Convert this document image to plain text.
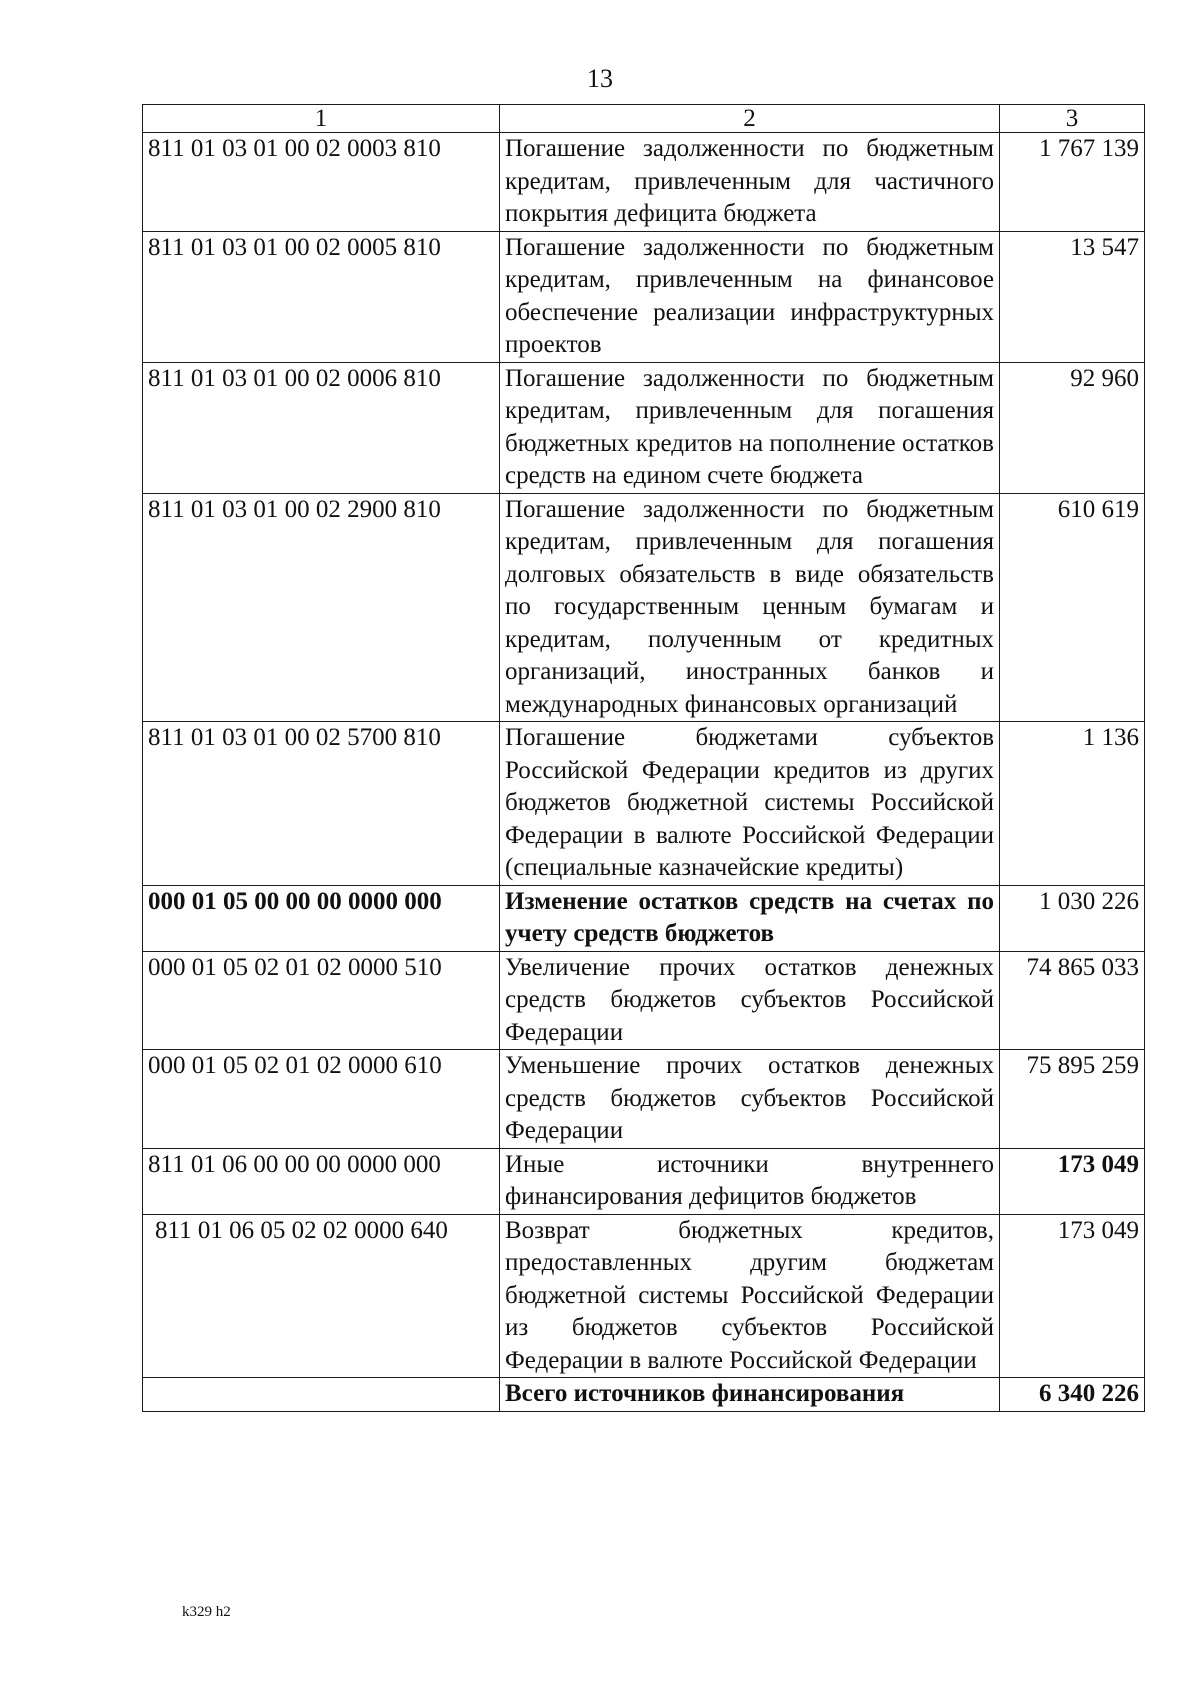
13
1	2	3
811 01 03 01 00 02 0003 810	Погашение задолженности по бюджетным кредитам, привлеченным для частичного покрытия дефицита бюджета	1 767 139
811 01 03 01 00 02 0005 810	Погашение задолженности по бюджетным кредитам, привлеченным на финансовое обеспечение реализации инфраструктурных проектов	13 547
811 01 03 01 00 02 0006 810	Погашение задолженности по бюджетным кредитам, привлеченным для погашения бюджетных кредитов на пополнение остатков средств на едином счете бюджета	92 960
811 01 03 01 00 02 2900 810	Погашение задолженности по бюджетным кредитам, привлеченным для погашения долговых обязательств в виде обязательств по государственным ценным бумагам и кредитам, полученным от кредитных организаций, иностранных банков и международных финансовых организаций	610 619
811 01 03 01 00 02 5700 810	Погашение бюджетами субъектов Российской Федерации кредитов из других бюджетов бюджетной системы Российской Федерации в валюте Российской Федерации (специальные казначейские кредиты)	1 136
000 01 05 00 00 00 0000 000	Изменение остатков средств на счетах по учету средств бюджетов	1 030 226
000 01 05 02 01 02 0000 510	Увеличение прочих остатков денежных средств бюджетов субъектов Российской Федерации	74 865 033
000 01 05 02 01 02 0000 610	Уменьшение прочих остатков денежных средств бюджетов субъектов Российской Федерации	75 895 259
811 01 06 00 00 00 0000 000	Иные источники внутреннего финансирования дефицитов бюджетов	173 049
811 01 06 05 02 02 0000 640	Возврат бюджетных кредитов, предоставленных другим бюджетам бюджетной системы Российской Федерации из бюджетов субъектов Российской Федерации в валюте Российской Федерации	173 049
	Всего источников финансирования	6 340 226
k329 h2
